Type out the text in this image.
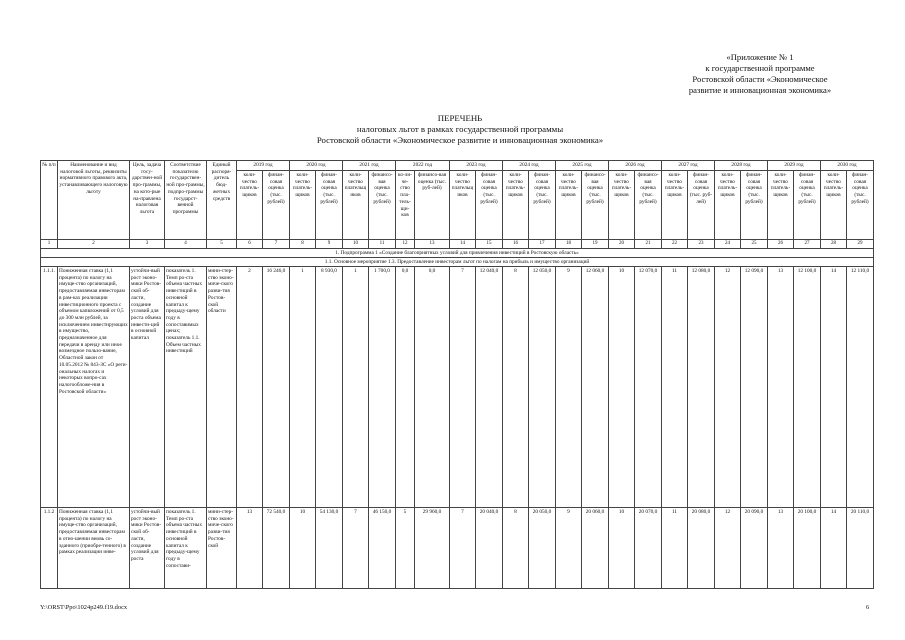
«Приложение № 1
к государственной программе
Ростовской области «Экономическое
развитие и инновационная экономика»
ПЕРЕЧЕНЬ
налоговых льгот в рамках государственной программы
Ростовской области «Экономическое развитие и инновационная экономика»
№ п/п	Наименование и вид налоговой льготы, реквизиты нормативного правового акта, устанавливающего налоговую льготу	Цель, задача госу-дарствен-ной про-граммы, на кото-рые на-правлена налоговая льгота	Соответствие показателю государствен-ной про-граммы, подпро-граммы государст-венной программы	Единый распоря-дитель бюд-жетных средств	2019 год		2020 год		2021 год		2022 год		2023 год		2024 год		2025 год		2026 год		2027 год		2028 год		2029 год		2030 год	
					коли-чество платель-щиков	финан-совая оценка (тыс. рублей)	коли-чество платель-щиков	финан-совая оценка (тыс. рублей)	коли-чество плательщиков	финансо-вая оценка (тыс. рублей)	ко-ли-че-ство пла-тель-щи-ков	финансо-вая оценка (тыс. руб-лей)	коли-чество плательщиков	финан-совая оценка (тыс. рублей)	коли-чество платель-щиков	финан-совая оценка (тыс. рублей)	коли-чество платель-щиков	финансо-вая оценка (тыс. рублей)	коли-чество платель-щиков	финансо-вая оценка (тыс. рублей)	коли-чество платель-щиков	финан-совая оценка (тыс. руб-лей)	коли-чество платель-щиков	финан-совая оценка (тыс. рублей)	коли-чество платель-щиков	финан-совая оценка (тыс. рублей)	коли-чество платель-щиков	финан-совая оценка (тыс. рублей)
1	2	3	4	5	6	7	8	9	10	11	12	13	14	15	16	17	18	19	20	21	22	23	24	25	26	27	28	29
1. Подпрограмма 1 «Создание благоприятных условий для привлечения инвестиций в Ростовскую область»																												
1.1. Основное мероприятие 1.3. Предоставление инвесторам льгот по налогам на прибыль и имущество организаций																												
1.1.1.	Пониженная ставка (1,1 процента) по налогу на имуще-ство организаций, предоставляемая инвесторам в рам-ках реализации инвестиционного проекта с объемом капвложений от 0,5 до 300 млн рублей, за исключением инвестирующих в имущество, предназначенное для передачи в аренду или иное возмездное пользо-вание, Областной закон от 10.05.2012 № 843-ЗС «О реги-ональных налогах и некоторых вопро-сах налогообложе-ния в Ростовской области»	устойчи-вый рост эконо-мики Ростов-ской об-ласти, создание условий для роста объема инвести-ций в основной капитал	показатель 1. Темп ро-ста объема частных инвестиций в основной капитал к предыду-щему году в сопоставимых ценах; показатель 1.1. Объем частных инвестиций	мини-стер-ство эконо-миче-ского разви-тия Ростов-ской области	2	16 246,0	1	8 930,0	1	1 700,0	0,0	0,0	7	12 040,0	8	12 050,0	9	12 060,0	10	12 070,0	11	12 080,0	12	12 090,0	13	12 100,0	14	12 110,0
1.1.2	Пониженная ставка (1,1 процента) по налогу на имуще-ство организаций, предоставляемая инвесторам в отно-шении вновь со-зданного (приобре-тенного) в рамках реализации инве-	устойчи-вый рост эконо-мики Ростов-ской об-ласти, создание условий для роста	показатель 1. Темп ро-ста объема частных инвестиций в основной капитал к предыду-щему году в сопостави-	мини-стер-ство эконо-миче-ского разви-тия Ростов-ской	13	72 540,0	10	54 130,0	7	46 150,0	5	29 960,0	7	20 040,0	8	20 050,0	9	20 060,0	10	20 070,0	11	20 080,0	12	20 090,0	13	20 100,0	14	20 110,0
Y:\ORST\Ppo\1024p249.f19.docx	6
